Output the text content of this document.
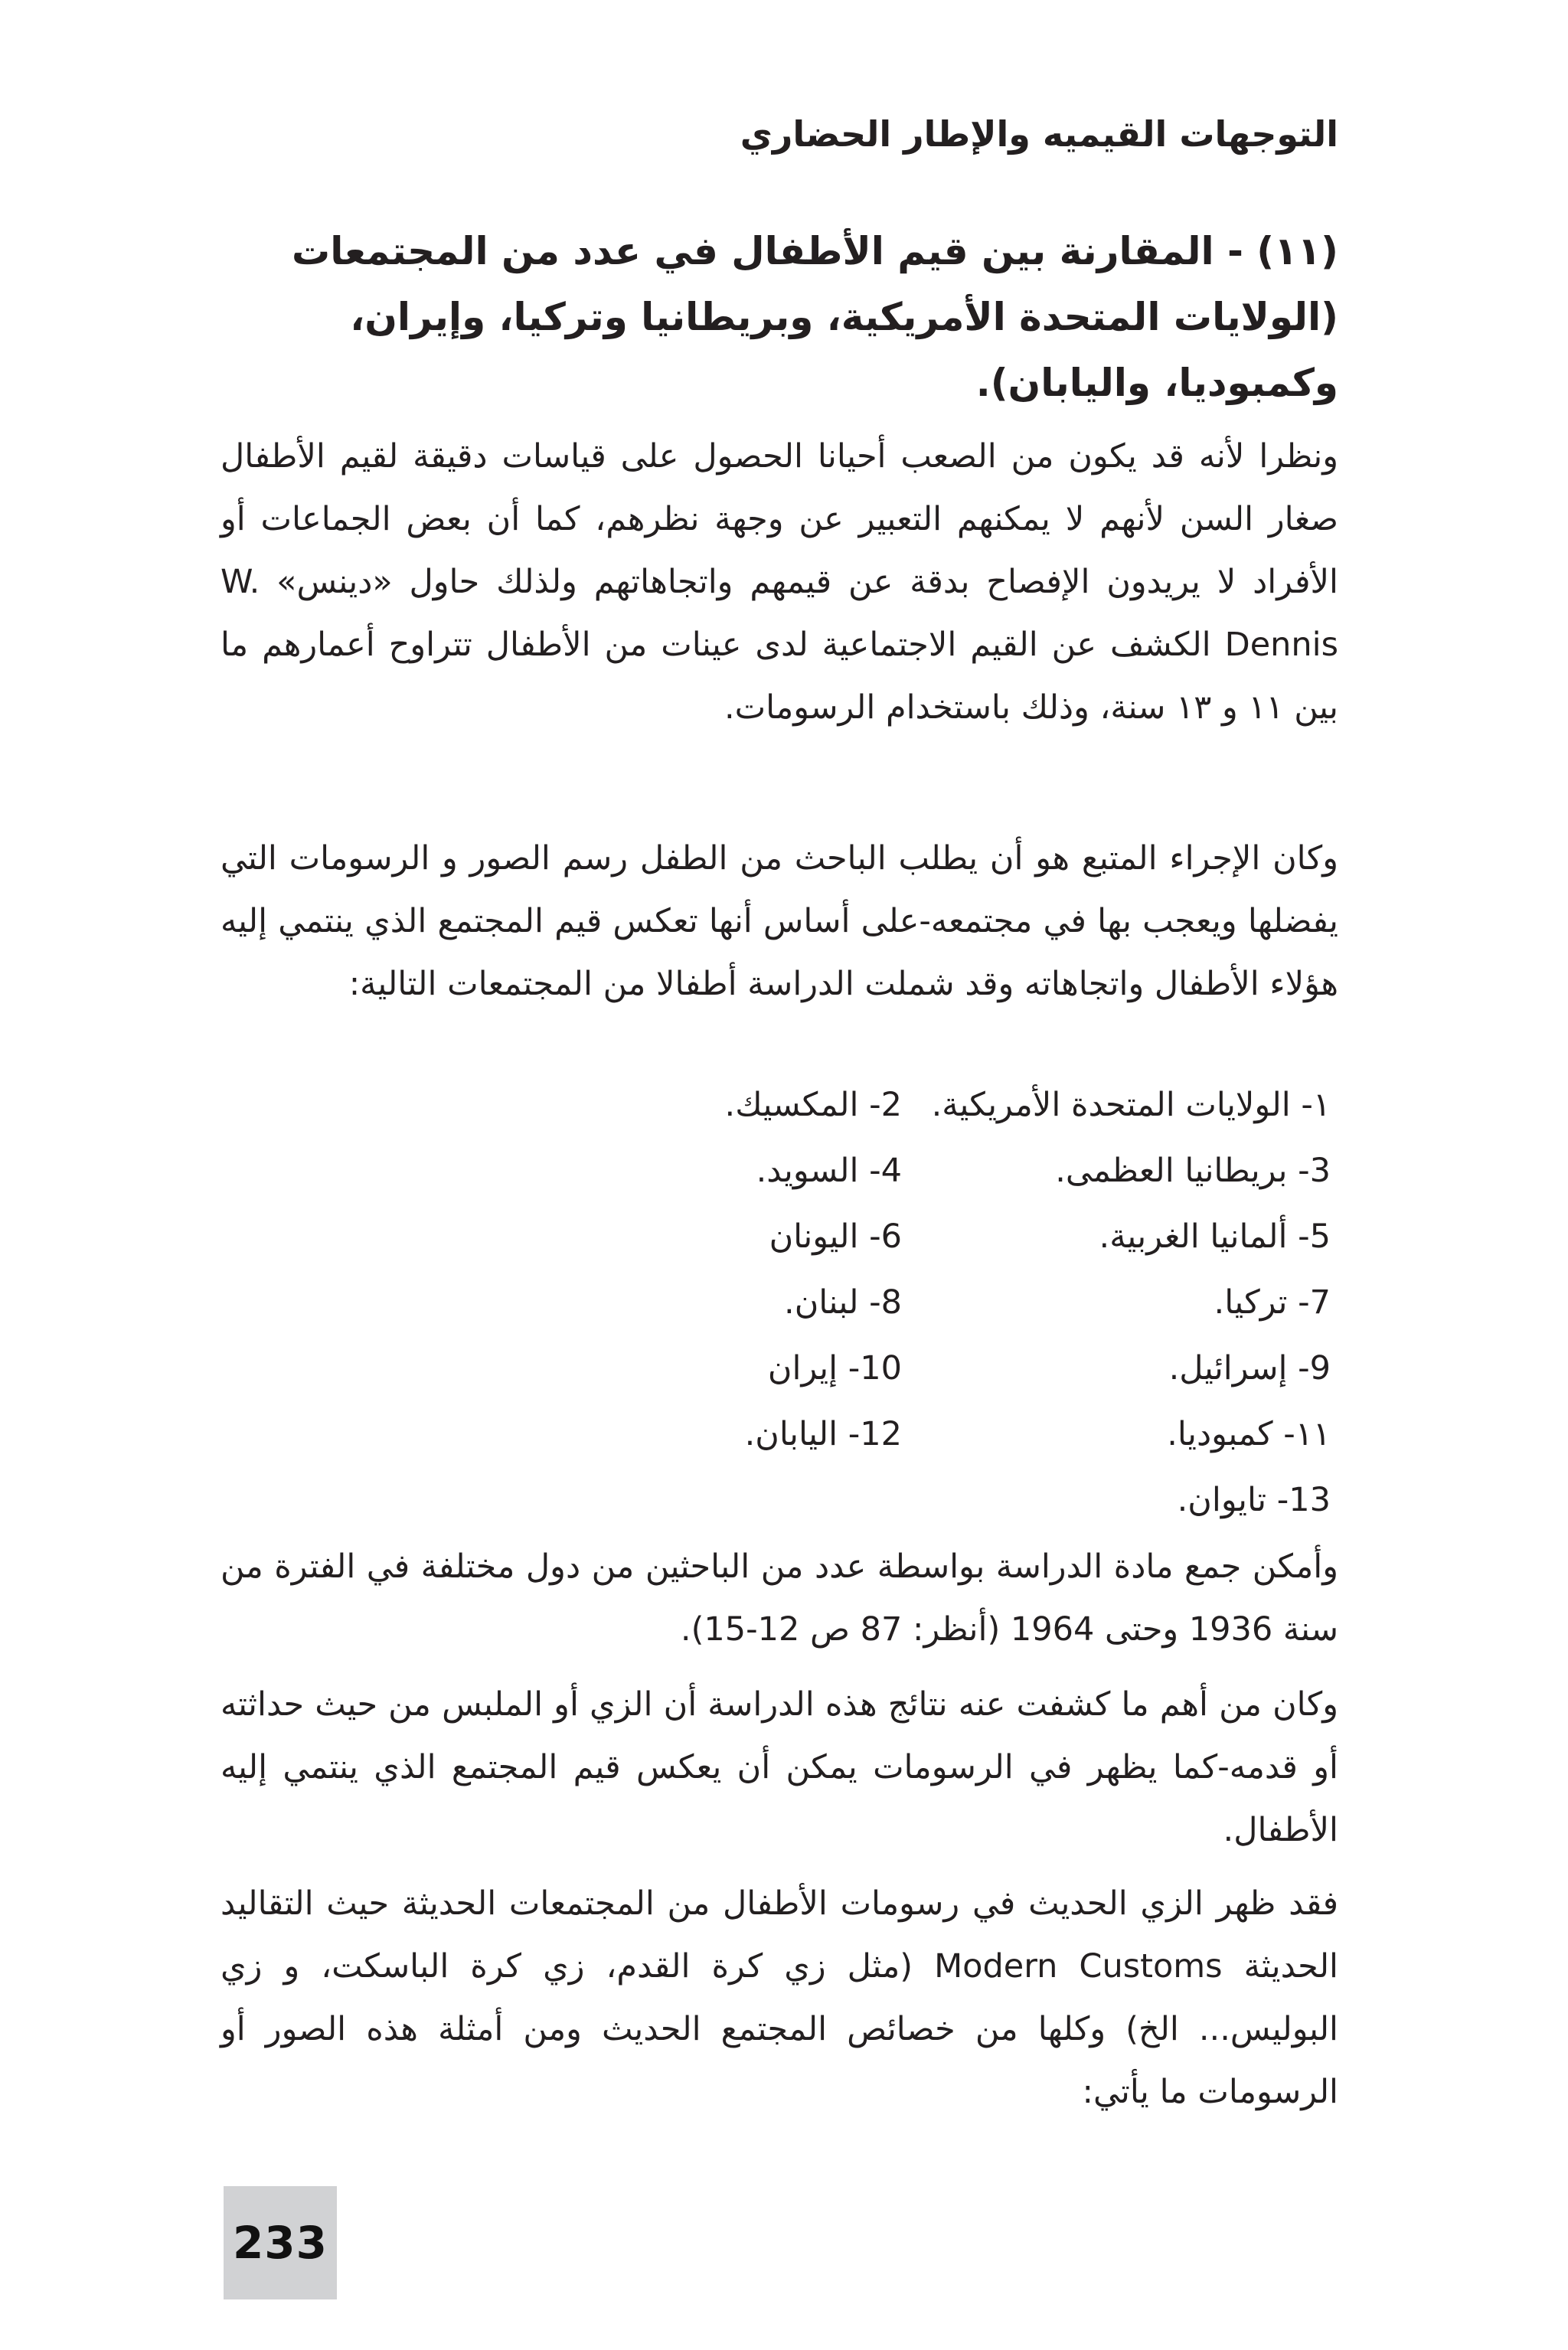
التوجهات القيميه والإطار الحضاري
(١١) - المقارنة بين قيم الأطفال في عدد من المجتمعات (الولايات المتحدة الأمريكية، وبريطانيا وتركيا، وإيران، وكمبوديا، واليابان).

ونظرا لأنه قد يكون من الصعب أحيانا الحصول على قياسات دقيقة لقيم الأطفال صغار السن لأنهم لا يمكنهم التعبير عن وجهة نظرهم، كما أن بعض الجماعات أو الأفراد لا يريدون الإفصاح بدقة عن قيمهم واتجاهاتهم ولذلك حاول «دينس» W. Dennis الكشف عن القيم الاجتماعية لدى عينات من الأطفال تتراوح أعمارهم ما بين ١١ و ١٣ سنة، وذلك باستخدام الرسومات.

وكان الإجراء المتبع هو أن يطلب الباحث من الطفل رسم الصور و الرسومات التي يفضلها ويعجب بها في مجتمعه-على أساس أنها تعكس قيم المجتمع الذي ينتمي إليه هؤلاء الأطفال واتجاهاته وقد شملت الدراسة أطفالا من المجتمعات التالية:

١- الولايات المتحدة الأمريكية.
2- المكسيك.
3- بريطانيا العظمى.
4- السويد.
5- ألمانيا الغربية.
6- اليونان
7- تركيا.
8- لبنان.
9- إسرائيل.
10- إيران
١١- كمبوديا.
12- اليابان.
13- تايوان.

وأمكن جمع مادة الدراسة بواسطة عدد من الباحثين من دول مختلفة في الفترة من سنة 1936 وحتى 1964 (أنظر: 87 ص 12-15).

وكان من أهم ما كشفت عنه نتائج هذه الدراسة أن الزي أو الملبس من حيث حداثته أو قدمه-كما يظهر في الرسومات يمكن أن يعكس قيم المجتمع الذي ينتمي إليه الأطفال.

فقد ظهر الزي الحديث في رسومات الأطفال من المجتمعات الحديثة حيث التقاليد الحديثة Modern Customs (مثل زي كرة القدم، زي كرة الباسكت، و زي البوليس... الخ) وكلها من خصائص المجتمع الحديث ومن أمثلة هذه الصور أو الرسومات ما يأتي:

233
